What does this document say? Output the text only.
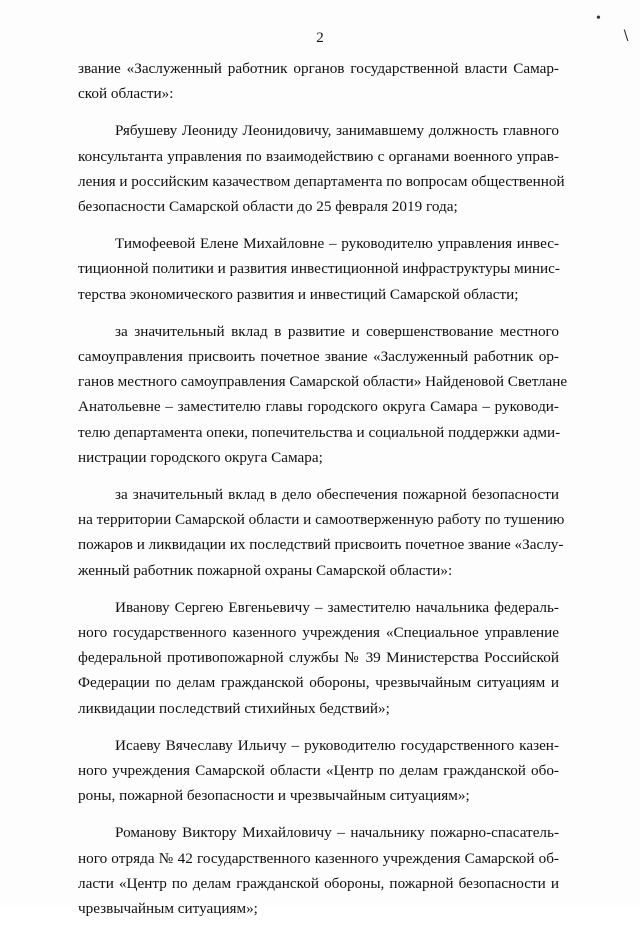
•
∖
2

звание «Заслуженный работник органов государственной власти Самар-
ской области»:

Рябушеву Леониду Леонидовичу, занимавшему должность главного
консультанта управления по взаимодействию с органами военного управ-
ления и российским казачеством департамента по вопросам общественной
безопасности Самарской области до 25 февраля 2019 года;

Тимофеевой Елене Михайловне – руководителю управления инвес-
тиционной политики и развития инвестиционной инфраструктуры минис-
терства экономического развития и инвестиций Самарской области;

за значительный вклад в развитие и совершенствование местного
самоуправления присвоить почетное звание «Заслуженный работник ор-
ганов местного самоуправления Самарской области» Найденовой Светлане
Анатольевне – заместителю главы городского округа Самара – руководи-
телю департамента опеки, попечительства и социальной поддержки адми-
нистрации городского округа Самара;

за значительный вклад в дело обеспечения пожарной безопасности
на территории Самарской области и самоотверженную работу по тушению
пожаров и ликвидации их последствий присвоить почетное звание «Заслу-
женный работник пожарной охраны Самарской области»:

Иванову Сергею Евгеньевичу – заместителю начальника федераль-
ного государственного казенного учреждения «Специальное управление
федеральной противопожарной службы № 39 Министерства Российской
Федерации по делам гражданской обороны, чрезвычайным ситуациям и
ликвидации последствий стихийных бедствий»;

Исаеву Вячеславу Ильичу – руководителю государственного казен-
ного учреждения Самарской области «Центр по делам гражданской обо-
роны, пожарной безопасности и чрезвычайным ситуациям»;

Романову Виктору Михайловичу – начальнику пожарно-спасатель-
ного отряда № 42 государственного казенного учреждения Самарской об-
ласти «Центр по делам гражданской обороны, пожарной безопасности и
чрезвычайным ситуациям»;
